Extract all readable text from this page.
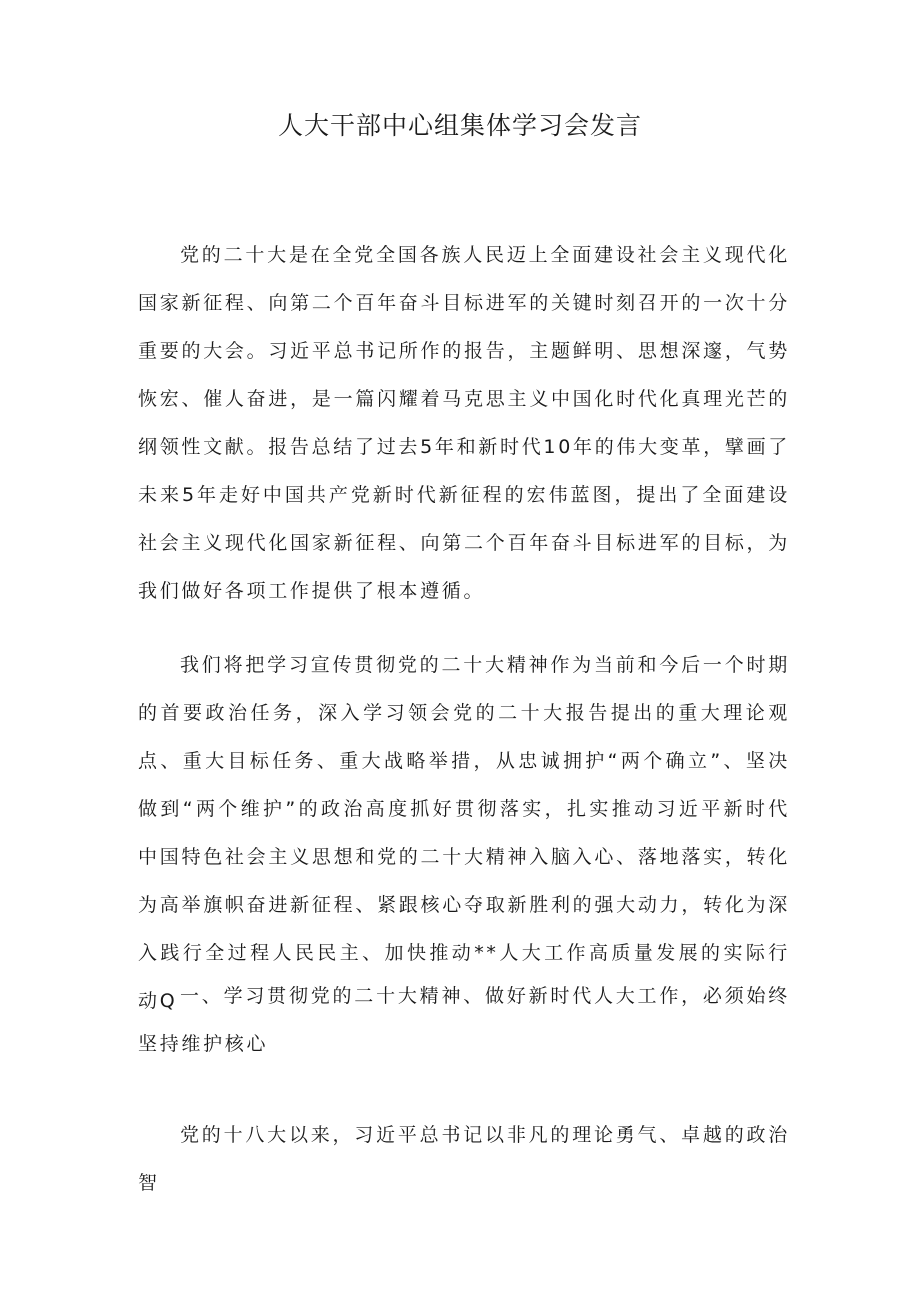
人大干部中心组集体学习会发言

党的二十大是在全党全国各族人民迈上全面建设社会主义现代化国家新征程、向第二个百年奋斗目标进军的关键时刻召开的一次十分重要的大会。习近平总书记所作的报告，主题鲜明、思想深邃，气势恢宏、催人奋进，是一篇闪耀着马克思主义中国化时代化真理光芒的纲领性文献。报告总结了过去5年和新时代10年的伟大变革，擘画了未来5年走好中国共产党新时代新征程的宏伟蓝图，提出了全面建设社会主义现代化国家新征程、向第二个百年奋斗目标进军的目标，为我们做好各项工作提供了根本遵循。

我们将把学习宣传贯彻党的二十大精神作为当前和今后一个时期的首要政治任务，深入学习领会党的二十大报告提出的重大理论观点、重大目标任务、重大战略举措，从忠诚拥护“两个确立”、坚决做到“两个维护”的政治高度抓好贯彻落实，扎实推动习近平新时代中国特色社会主义思想和党的二十大精神入脑入心、落地落实，转化为高举旗帜奋进新征程、紧跟核心夺取新胜利的强大动力，转化为深入践行全过程人民民主、加快推动**人大工作高质量发展的实际行动Q 一、学习贯彻党的二十大精神、做好新时代人大工作，必须始终坚持维护核心

党的十八大以来，习近平总书记以非凡的理论勇气、卓越的政治智
